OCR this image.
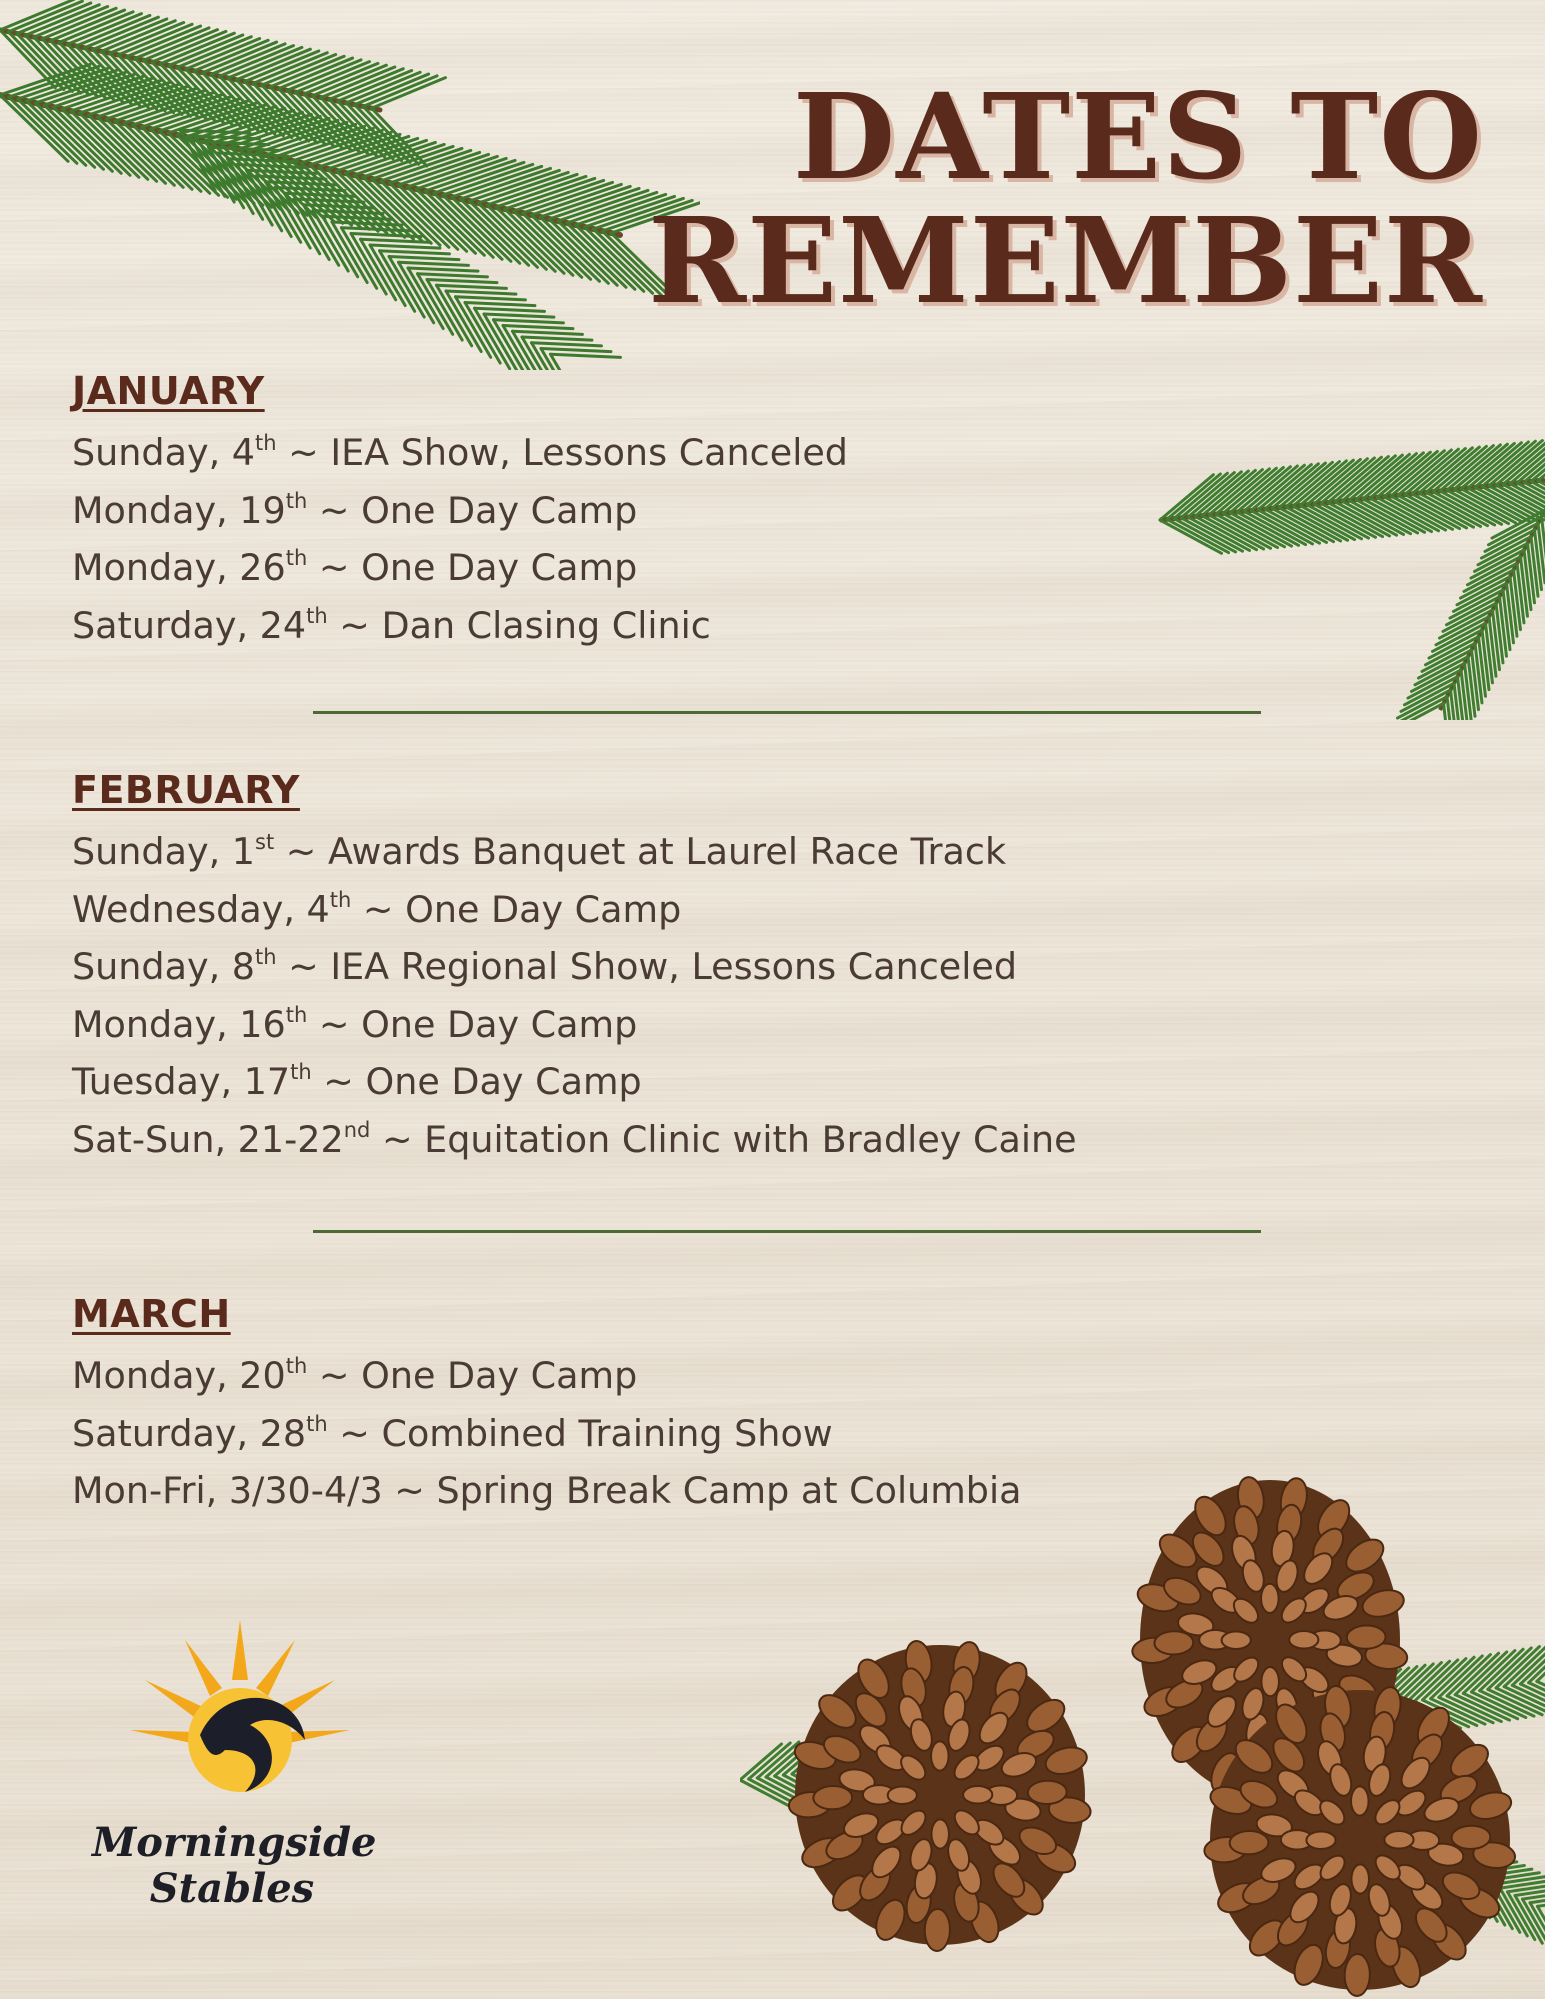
Morningside
Stables
DATES TO
REMEMBER
JANUARY
Sunday, 4th ~ IEA Show, Lessons Canceled
Monday, 19th ~ One Day Camp
Monday, 26th ~ One Day Camp
Saturday, 24th ~ Dan Clasing Clinic
FEBRUARY
Sunday, 1st ~ Awards Banquet at Laurel Race Track
Wednesday, 4th ~ One Day Camp
Sunday, 8th ~ IEA Regional Show, Lessons Canceled
Monday, 16th ~ One Day Camp
Tuesday, 17th ~ One Day Camp
Sat-Sun, 21-22nd ~ Equitation Clinic with Bradley Caine
MARCH
Monday, 20th ~ One Day Camp
Saturday, 28th ~ Combined Training Show
Mon-Fri, 3/30-4/3 ~ Spring Break Camp at Columbia
